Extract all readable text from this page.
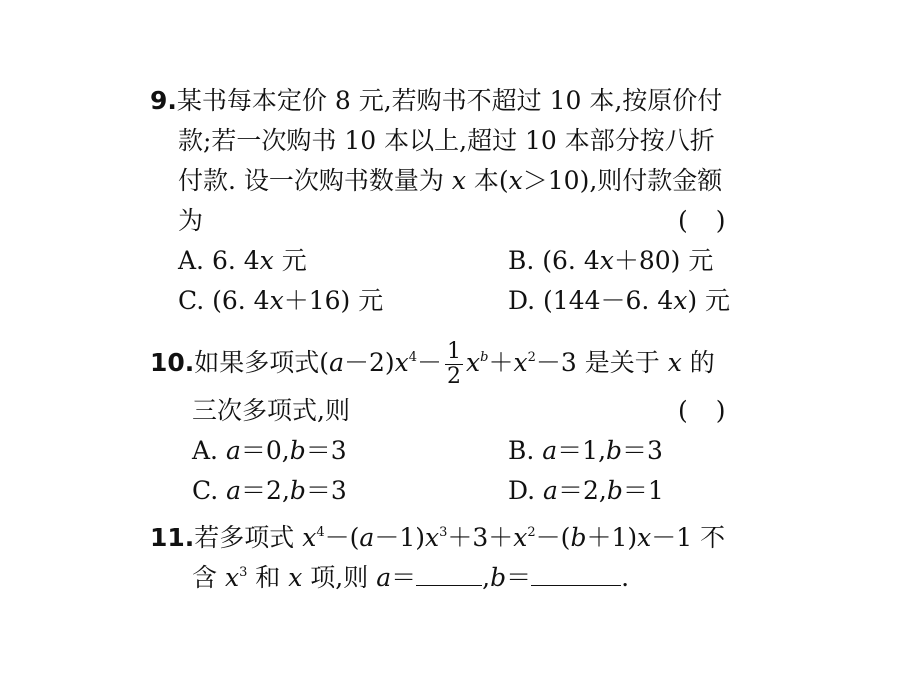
9.某书每本定价 8 元,若购书不超过 10 本,按原价付
款;若一次购书 10 本以上,超过 10 本部分按八折
付款. 设一次购书数量为 x 本(x＞10),则付款金额
为	( )
A. 6. 4x 元	B. (6. 4x＋80) 元
C. (6. 4x＋16) 元	D. (144－6. 4x) 元
10.如果多项式$(a-2)x^4- \frac{1}{2} x^b+x^2-3$ 是关于 x 的
三次多项式,则	( )
A. a＝0,b＝3	B. a＝1,b＝3
C. a＝2,b＝3	D. a＝2,b＝1
11.若多项式 $x^4-(a-1)x^3+3+x^2-(b+1)x-1$ 不
含 $x^3$ 和 x 项,则 a＝	,b＝	.
